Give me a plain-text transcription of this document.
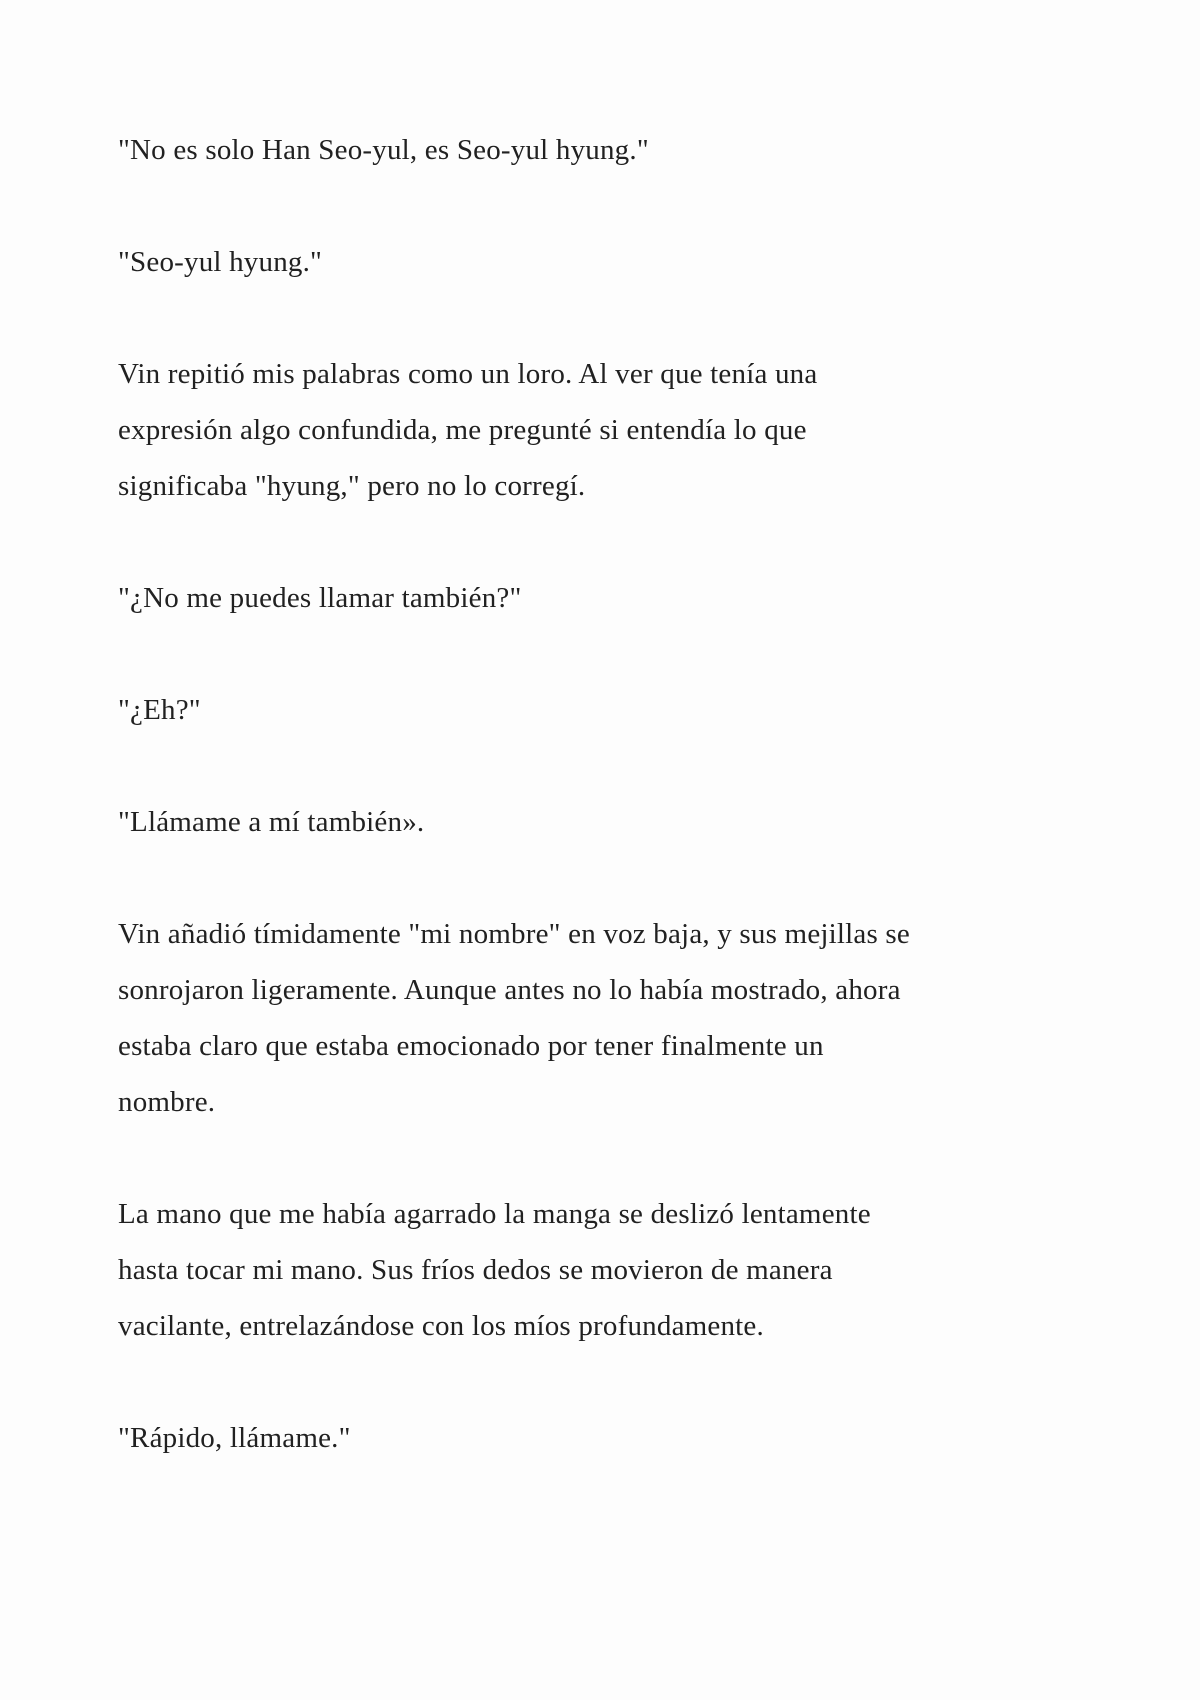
"No es solo Han Seo-yul, es Seo-yul hyung."

"Seo-yul hyung."

Vin repitió mis palabras como un loro. Al ver que tenía una
expresión algo confundida, me pregunté si entendía lo que
significaba "hyung," pero no lo corregí.

"¿No me puedes llamar también?"

"¿Eh?"

"Llámame a mí también».

Vin añadió tímidamente "mi nombre" en voz baja, y sus mejillas se
sonrojaron ligeramente. Aunque antes no lo había mostrado, ahora
estaba claro que estaba emocionado por tener finalmente un
nombre.

La mano que me había agarrado la manga se deslizó lentamente
hasta tocar mi mano. Sus fríos dedos se movieron de manera
vacilante, entrelazándose con los míos profundamente.

"Rápido, llámame."
